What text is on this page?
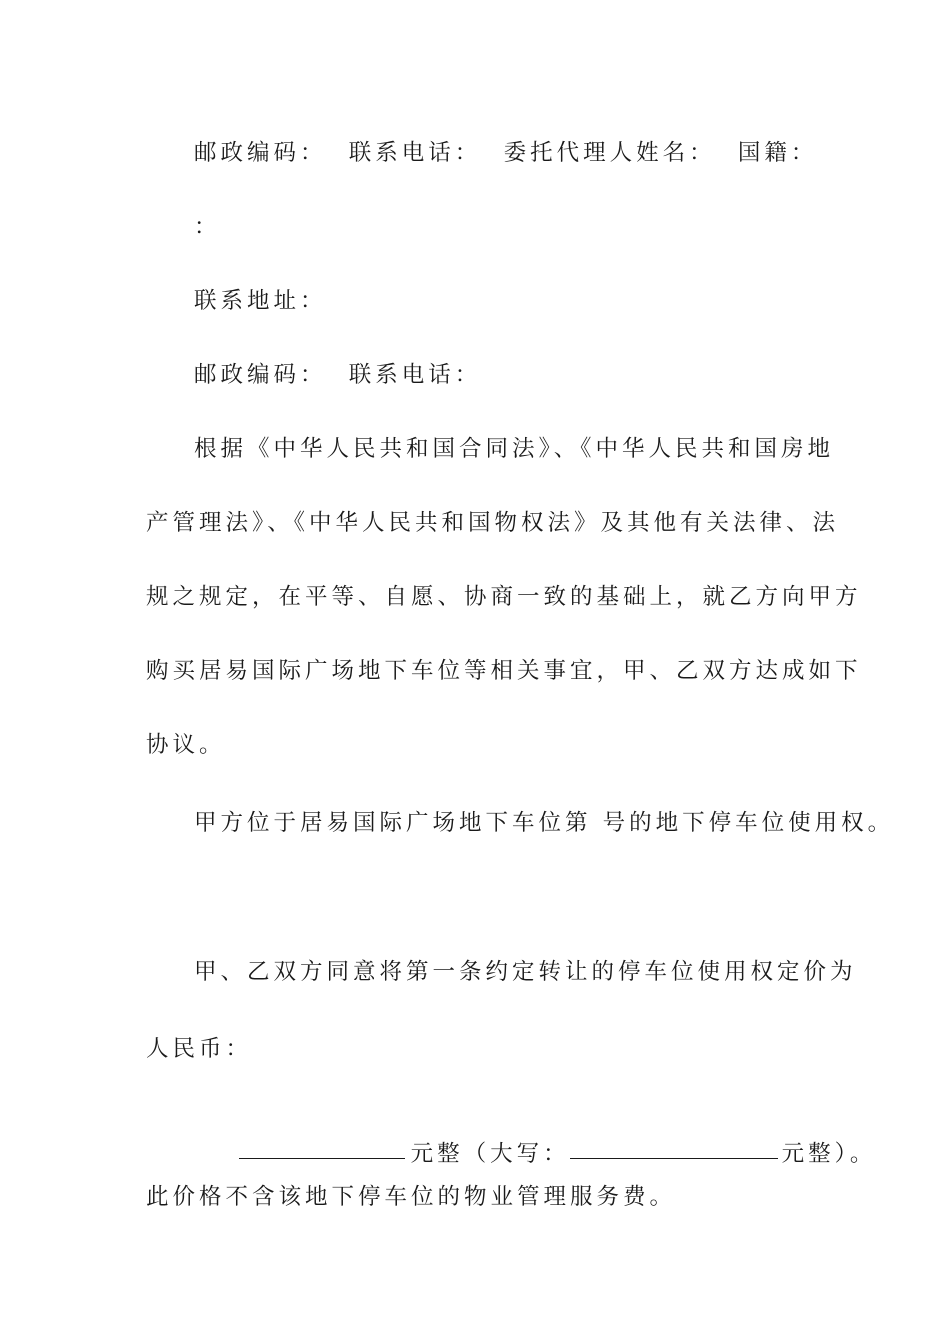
邮政编码：  联系电话：  委托代理人姓名：  国籍：
：
联系地址：
邮政编码：  联系电话：
根据《中华人民共和国合同法》、《中华人民共和国房地
产管理法》、《中华人民共和国物权法》及其他有关法律、法
规之规定，在平等、自愿、协商一致的基础上，就乙方向甲方
购买居易国际广场地下车位等相关事宜，甲、乙双方达成如下
协议。
甲方位于居易国际广场地下车位第 号的地下停车位使用权。
甲、乙双方同意将第一条约定转让的停车位使用权定价为
人民币：

元整（大写：	元整）。

此价格不含该地下停车位的物业管理服务费。
